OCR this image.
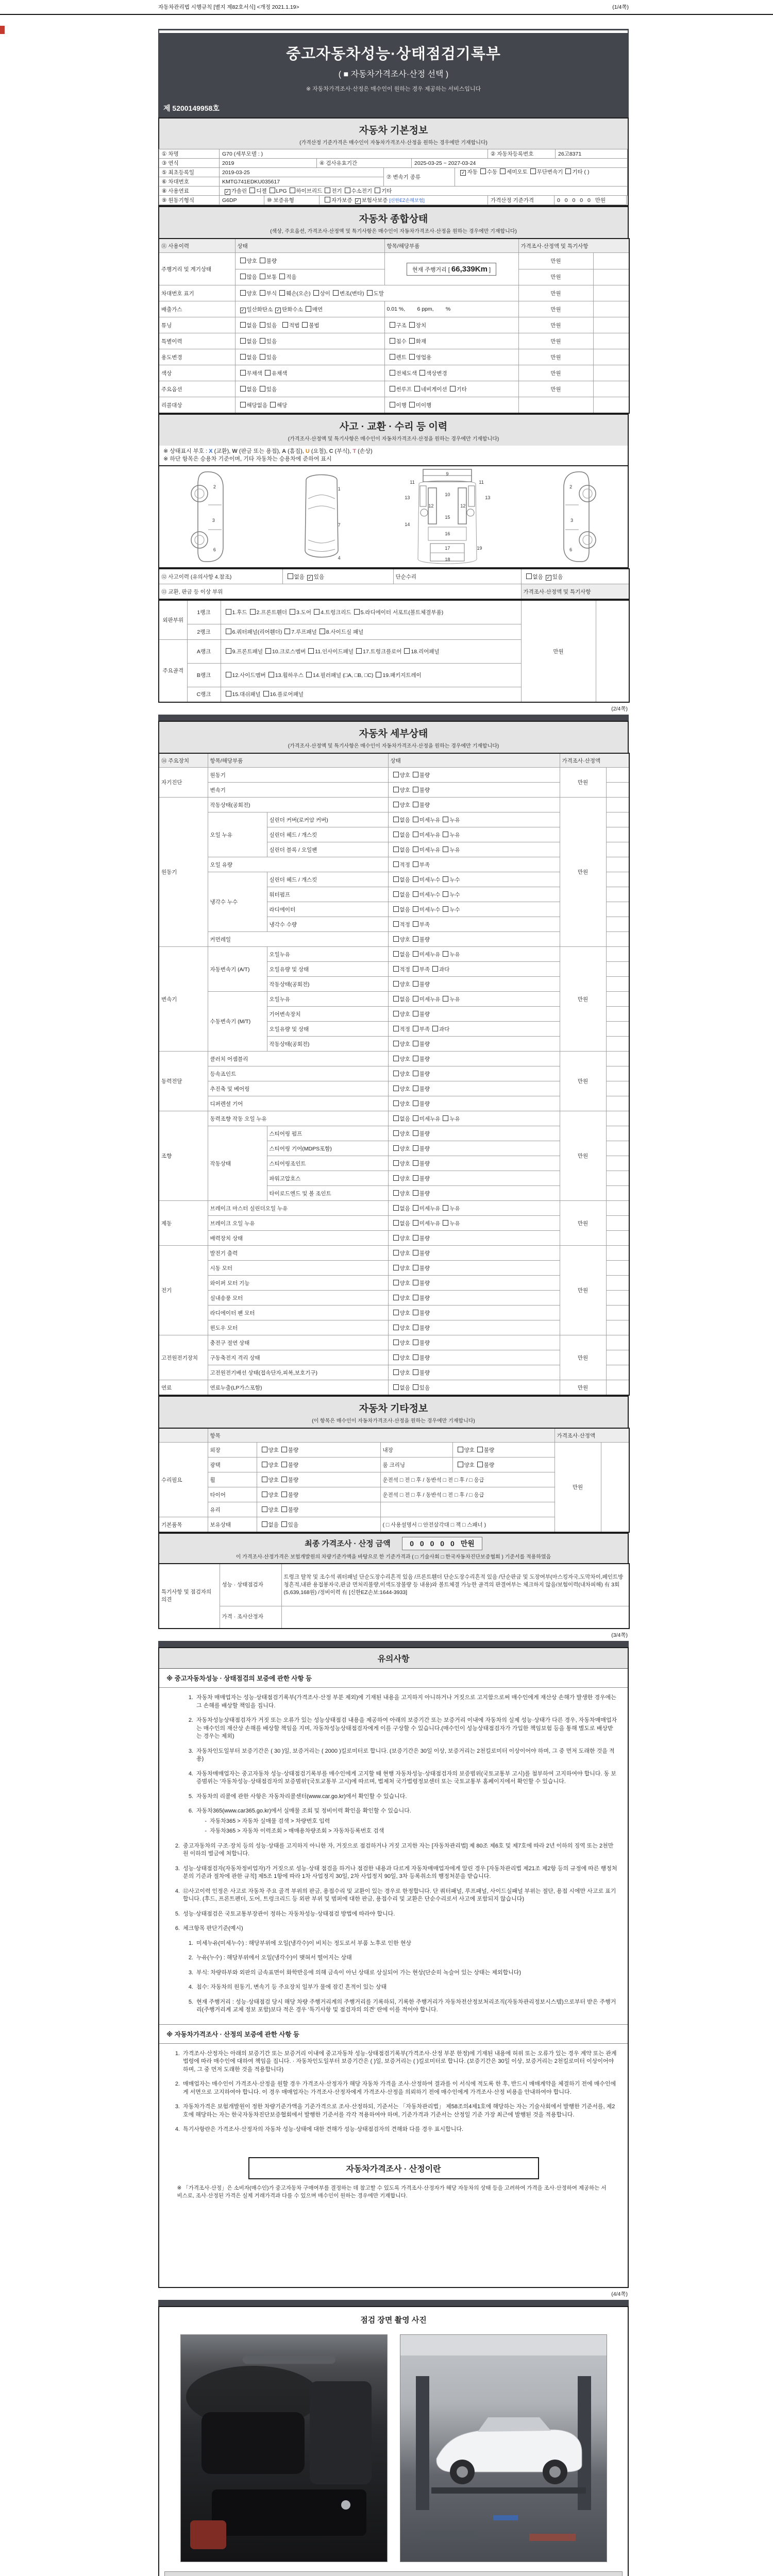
자동차관리법 시행규칙 [별지 제82호서식] <개정 2021.1.19>	(1/4쪽)
중고자동차성능·상태점검기록부
( ■ 자동차가격조사·산정 선택 )
※ 자동차가격조사·산정은 매수인이 원하는 경우 제공하는 서비스입니다
제 5200149958호
자동차 기본정보
(가격산정 기준가격은 매수인이 자동차가격조사·산정을 원하는 경우에만 기재합니다)
① 차명	G70 (세부모델 : )	② 자동차등록번호	26고8371
③ 연식	2019	④ 검사유효기간	2025-03-25 ~ 2027-03-24
⑤ 최초등록일	2019-03-25
⑥ 차대번호	KMTG741EDKU035617
⑦ 변속기 종류
✓ 자동 수동 세미오토 무단변속기 기타 ( )
⑧ 사용연료	✓ 가솔린 디젤 LPG 하이브리드 전기 수소전기 기타
⑨ 원동기형식	G6DP	⑩ 보증유형	자가보증 ✓ 보험사보증 [신한EZ손해보험]	가격산정 기준가격	0 0 0 0 0 만원
자동차 종합상태
(색상, 주요옵션, 가격조사·산정액 및 특기사항은 매수인이 자동차가격조사·산정을 원하는 경우에만 기재합니다)
⑪ 사용이력	상태	항목/해당부품	가격조사·산정액 및 특기사항	
주행거리 및 계기상태	양호 불량	현재 주행거리 [ 66,339Km ]	만원	
	많음 보통 적음		만원	
차대번호 표기	양호 부식 훼손(오손) 상이 변조(변타) 도말		만원	
배출가스	✓ 일산화탄소 ✓ 탄화수소 매연	0.01 %,        6 ppm,        %	만원	
튜닝	없음 있음 적법 불법	구조 장치	만원	
특별이력	없음 있음	침수 화재	만원	
용도변경	없음 있음	렌트 영업용	만원	
색상	무채색 유채색	전체도색 색상변경	만원	
주요옵션	없음 있음	썬루프 네비게이션 기타	만원	
리콜대상	해당없음 해당	이행 미이행		
사고 · 교환 · 수리 등 이력
(가격조사·산정액 및 특기사항은 매수인이 자동차가격조사·산정을 원하는 경우에만 기재합니다)
※ 상태표시 부호 : X (교환), W (판금 또는 용접), A (흠집), U (요철), C (부식), T (손상)
※ 하단 항목은 승용차 기준이며, 기타 자동차는 승용차에 준하여 표시
2
3
6
1
7
4
11	11
13	13
12	12
9
10
14
15
16
17
18
19
2
3
6
⑫ 사고이력 (유의사항 4.참조)	없음 ✓ 있음	단순수리	없음 ✓ 있음
⑬ 교환, 판금 등 이상 부위			가격조사·산정액 및 특기사항
외판부위	1랭크	1.후드 2.프론트휀더 3.도어 4.트렁크리드 5.라디에이터 서포트(볼트체결부품)	만원	
	2랭크	6.쿼터패널(리어휀더) 7.루프패널 8.사이드실 패널		
주요골격	A랭크	9.프론트패널 10.크로스멤버 11.인사이드패널 17.트렁크플로어 18.리어패널		
	B랭크	12.사이드멤버 13.휠하우스 14.필러패널 (□A, □B, □C) 19.패키지트레이		
	C랭크	15.대쉬패널 16.플로어패널		
(2/4쪽)
자동차 세부상태
(가격조사·산정액 및 특기사항은 매수인이 자동차가격조사·산정을 원하는 경우에만 기재합니다)
⑭ 주요장치	항목/해당부품		상태	가격조사·산정액	
자기진단	원동기		양호 불량	만원	
	변속기		양호 불량		
원동기	작동상태(공회전)		양호 불량	만원	
	오일 누유	실린더 커버(로커암 커버)	없음 미세누유 누유		
		실린더 헤드 / 개스킷	없음 미세누유 누유		
		실린더 블록 / 오일팬	없음 미세누유 누유		
	오일 유량		적정 부족		
	냉각수 누수	실린더 헤드 / 개스킷	없음 미세누수 누수		
		워터펌프	없음 미세누수 누수		
		라디에이터	없음 미세누수 누수		
		냉각수 수량	적정 부족		
	커먼레일		양호 불량		
변속기	자동변속기 (A/T)	오일누유	없음 미세누유 누유	만원	
		오일유량 및 상태	적정 부족 과다		
		작동상태(공회전)	양호 불량		
	수동변속기 (M/T)	오일누유	없음 미세누유 누유		
		기어변속장치	양호 불량		
		오일유량 및 상태	적정 부족 과다		
		작동상태(공회전)	양호 불량		
동력전달	클러치 어셈블리		양호 불량	만원	
	등속죠인트		양호 불량		
	추진축 및 베어링		양호 불량		
	디퍼렌셜 기어		양호 불량		
조향	동력조향 작동 오일 누유		없음 미세누유 누유	만원	
	작동상태	스티어링 펌프	양호 불량		
		스티어링 기어(MDPS포함)	양호 불량		
		스티어링조인트	양호 불량		
		파워고압호스	양호 불량		
		타이로드엔드 및 볼 조인트	양호 불량		
제동	브레이크 마스터 실린더오일 누유		없음 미세누유 누유	만원	
	브레이크 오일 누유		없음 미세누유 누유		
	배력장치 상태		양호 불량		
전기	발전기 출력		양호 불량	만원	
	시동 모터		양호 불량		
	와이퍼 모터 기능		양호 불량		
	실내송풍 모터		양호 불량		
	라디에이터 팬 모터		양호 불량		
	윈도우 모터		양호 불량		
고전원전기장치	충전구 절연 상태		양호 불량	만원	
	구동축전지 격리 상태		양호 불량		
	고전원전기배선 상태(접속단자,피복,보호기구)		양호 불량		
연료	연료누출(LP가스포함)		없음 있음	만원	
자동차 기타정보
(이 항목은 매수인이 자동차가격조사·산정을 원하는 경우에만 기재합니다)
	항목				가격조사·산정액	
수리필요	외장	양호 불량	내장	양호 불량	만원	
	광택	양호 불량	룸 크리닝	양호 불량		
	휠	양호 불량	운전석 □ 전 □ 후 / 동반석 □ 전 □ 후 / □ 응급			
	타이어	양호 불량	운전석 □ 전 □ 후 / 동반석 □ 전 □ 후 / □ 응급			
	유리	양호 불량				
기본품목	보유상태	없음 있음	( □ 사용설명서 □ 안전삼각대 □ 잭 □ 스패너 )			
최종 가격조사 · 산정 금액	0 0 0 0 0 만원
이 가격조사·산정가격은 보험개발원의 차량기준가액을 바탕으로 한 기준가격과 ( □ 기술사회 □ 한국자동차진단보증협회 ) 기준서를 적용하였음
특기사항 및 점검자의 의견	성능 · 상태점검자	트렁크 탈착 및 조수석 쿼터패널 단순도장수리흔적 있음 /프론트휀더 단순도장수리흔적 있음 /단순판금 및 도장여부(마스킹자국,도막차이,페인트방청흔적,내판 용접봉자국,판금 면처리불량,이색도장불량 등 내용)와 볼트체결 가능한 골격의 판결여부는 체크하지 않음/보험이력(내차피해) 有 3회 (5,639,168원) /정비이력 有 [신한EZ손보:1644-3933]
	가격 · 조사산정자	
(3/4쪽)
유의사항
※ 중고자동차성능 · 상태점검의 보증에 관한 사항 등
1. 자동차 매매업자는 성능·상태점검기록부(가격조사·산정 부분 제외)에 기재된 내용을 고지하지 아니하거나 거짓으로 고지함으로써 매수인에게 재산상 손해가 발생한 경우에는 그 손해를 배상할 책임을 집니다.
2. 자동차성능상태점검자가 거짓 또는 오류가 있는 성능상태점검 내용을 제공하여 아래의 보증기간 또는 보증거리 이내에 자동차의 실제 성능·상태가 다른 경우, 자동차매매업자는 매수인의 재산상 손해를 배상할 책임을 지며, 자동차성능상태점검자에게 이를 구상할 수 있습니다.(매수인이 성능상태점검자가 가입한 책임보험 등을 통해 별도로 배상받는 경우는 제외)
3. 자동차인도일부터 보증기간은 ( 30 )일, 보증거리는 ( 2000 )킬로미터로 합니다. (보증기간은 30일 이상, 보증거리는 2천킬로미터 이상이어야 하며, 그 중 먼저 도래한 것을 적용)
4. 자동차매매업자는 중고자동차 성능·상태점검기록부를 매수인에게 고지할 때 현행 자동차성능·상태점검자의 보증범위(국토교통부 고시)를 첨부하여 고지하여야 합니다. 동 보증범위는 '자동차성능·상태점검자의 보증범위'(국토교통부 고시)에 따르며, 법제처 국가법령정보센터 또는 국토교통부 홈페이지에서 확인할 수 있습니다.
5. 자동차의 리콜에 관한 사항은 자동차리콜센터(www.car.go.kr)에서 확인할 수 있습니다.
6. 자동차365(www.car365.go.kr)에서 실매물 조회 및 정비이력 확인을 확인할 수 있습니다.
- 자동차365 > 자동차 실매물 검색 > 차량번호 입력
- 자동차365 > 자동차 이력조회 > 매매용차량조회 > 자동차등록번호 검색
2. 중고자동차의 구조·장치 등의 성능·상태를 고지하지 아니한 자, 거짓으로 점검하거나 거짓 고지한 자는 [자동차관리법] 제 80조 제6호 및 제7호에 따라 2년 이하의 징역 또는 2천만원 이하의 벌금에 처합니다.
3. 성능·상태점검자(자동차정비업자)가 거짓으로 성능·상태 점검을 하거나 점검한 내용과 다르게 자동차매매업자에게 알린 경우 [자동차관리법 제21조 제2항 등의 규정에 따른 행정처분의 기준과 절차에 관한 규칙] 제5조 1항에 따라 1차 사업정지 30일, 2차 사업정지 90일, 3차 등록취소의 행정처분을 받습니다.
4. ⑫사고이력 인정은 사고로 자동차 주요 골격 부위의 판금, 용접수리 및 교환이 있는 경우로 한정합니다. 단 쿼터패널, 루프패널, 사이드실패널 부위는 절단, 용접 시에만 사고로 표기합니다. (후드, 프론트펜더, 도어, 트렁크리드 등 외판 부위 및 범퍼에 대한 판금, 용접수리 및 교환은 단순수리로서 사고에 포함되지 않습니다)
5. 성능·상태점검은 국토교통부장관이 정하는 자동차성능·상태점검 방법에 따라야 합니다.
6. 체크항목 판단기준(예시)
1. 미세누유(미세누수) : 해당부위에 오일(냉각수)이 비치는 정도로서 부품 노후로 인한 현상
2. 누유(누수) : 해당부위에서 오일(냉각수)이 맺혀서 떨어지는 상태
3. 부식: 차량하부와 외판의 금속표면이 화학반응에 의해 금속이 아닌 상태로 상실되어 가는 현상(단순히 녹슬어 있는 상태는 제외합니다)
4. 침수: 자동차의 원동기, 변속기 등 주요장치 일부가 물에 잠긴 흔적이 있는 상태
5. 현재 주행거리 : 성능·상태점검 당시 해당 차량 주행거리계의 주행거리를 기록하되, 기록한 주행거리가 자동차전산정보처리조직(자동차관리정보시스템)으로부터 받은 주행거리(주행거리계 교체 정보 포함)보다 적은 경우 '특기사항 및 점검자의 의견' 란에 이를 적어야 합니다.
※ 자동차가격조사 · 산정의 보증에 관한 사항 등
1. 가격조사·산정자는 아래의 보증기간 또는 보증거리 이내에 중고자동차 성능·상태점검기록부(가격조사·산정 부분 한정)에 기재된 내용에 허위 또는 오류가 있는 경우 계약 또는 관계법령에 따라 매수인에 대하여 책임을 집니다. · 자동차인도일부터 보증기간은 ( )일, 보증거리는 ( )킬로미터로 합니다. (보증기간은 30일 이상, 보증거리는 2천킬로미터 이상이어야 하며, 그 중 먼저 도래한 것을 적용합니다)
2. 매매업자는 매수인이 가격조사·산정을 원할 경우 가격조사·산정자가 해당 자동차 가격을 조사·산정하여 결과를 이 서식에 적도록 한 후, 반드시 매매계약을 체결하기 전에 매수인에게 서면으로 고지하여야 합니다. 이 경우 매매업자는 가격조사·산정자에게 가격조사·산정을 의뢰하기 전에 매수인에게 가격조사·산정 비용을 안내하여야 합니다.
3. 자동차가격은 보험개발원이 정한 차량기준가액을 기준가격으로 조사·산정하되, 기준서는 「자동차관리법」 제58조의4제1호에 해당하는 자는 기술사회에서 발행한 기준서를, 제2호에 해당하는 자는 한국자동차진단보증협회에서 발행한 기준서를 각각 적용하여야 하며, 기준가격과 기준서는 산정일 기준 가장 최근에 발행된 것을 적용합니다.
4. 특기사항란은 가격조사·산정자의 자동차 성능·상태에 대한 견해가 성능·상태점검자의 견해와 다를 경우 표시합니다.
자동차가격조사 · 산정이란
※ 「가격조사·산정」은 소비자(매수인)가 중고자동차 구매여부를 결정하는 데 참고할 수 있도록 가격조사·산정자가 해당 자동차의 상태 등을 고려하여 가격을 조사·산정하여 제공하는 서비스로, 조사·산정된 가격은 실제 거래가격과 다를 수 있으며 매수인이 원하는 경우에만 기재합니다.
(4/4쪽)
점검 장면 촬영 사진
